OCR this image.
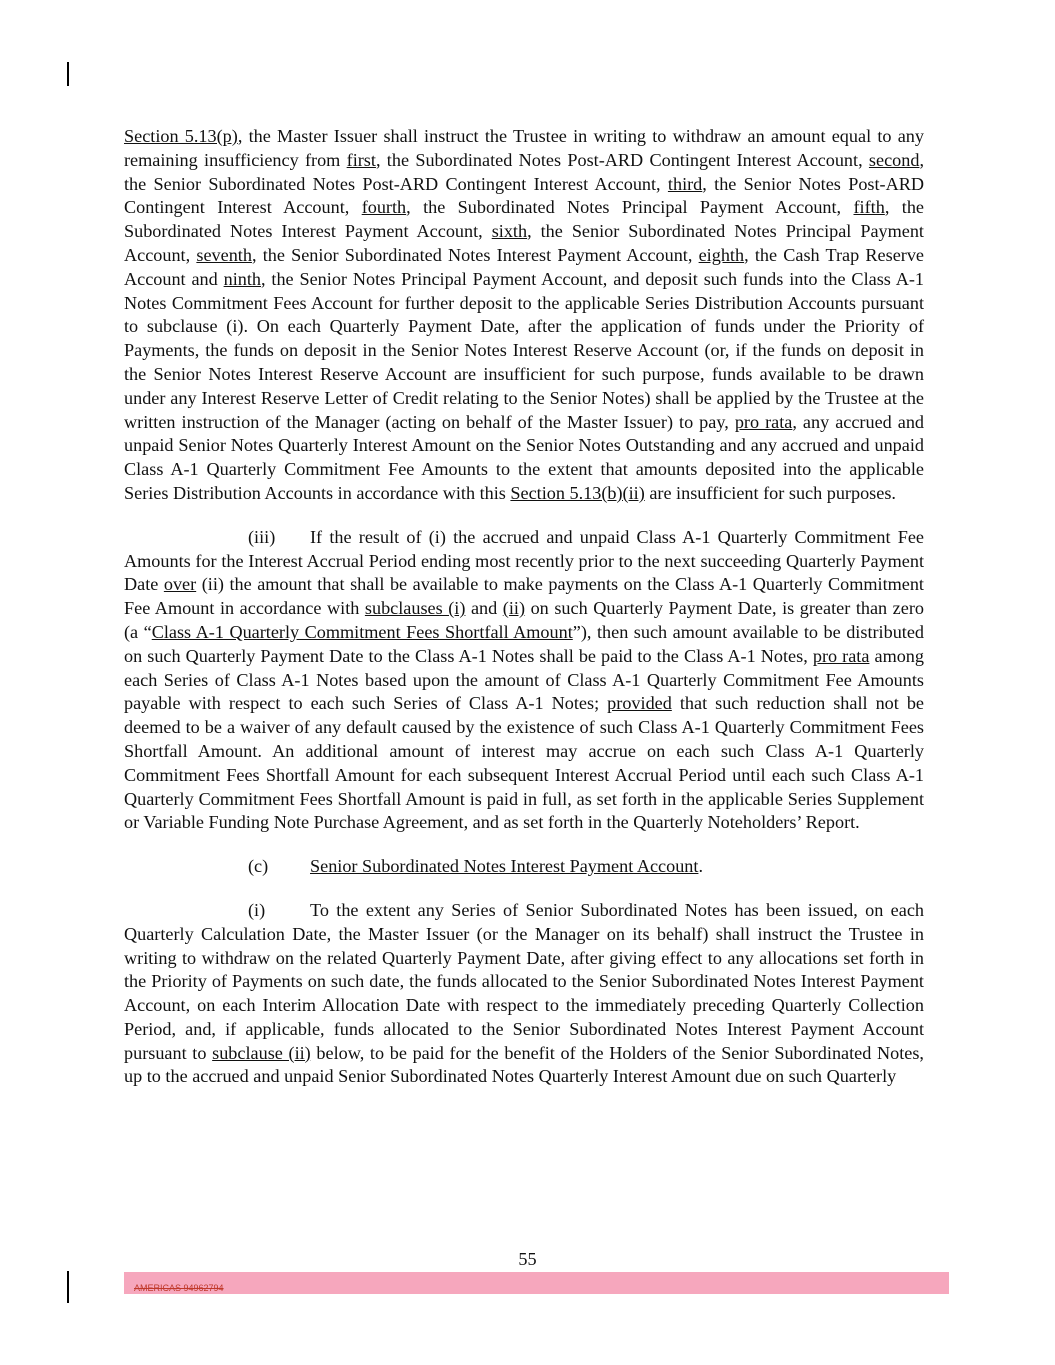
Section 5.13(p), the Master Issuer shall instruct the Trustee in writing to withdraw an amount equal to any remaining insufficiency from first, the Subordinated Notes Post-ARD Contingent Interest Account, second, the Senior Subordinated Notes Post-ARD Contingent Interest Account, third, the Senior Notes Post-ARD Contingent Interest Account, fourth, the Subordinated Notes Principal Payment Account, fifth, the Subordinated Notes Interest Payment Account, sixth, the Senior Subordinated Notes Principal Payment Account, seventh, the Senior Subordinated Notes Interest Payment Account, eighth, the Cash Trap Reserve Account and ninth, the Senior Notes Principal Payment Account, and deposit such funds into the Class A-1 Notes Commitment Fees Account for further deposit to the applicable Series Distribution Accounts pursuant to subclause (i). On each Quarterly Payment Date, after the application of funds under the Priority of Payments, the funds on deposit in the Senior Notes Interest Reserve Account (or, if the funds on deposit in the Senior Notes Interest Reserve Account are insufficient for such purpose, funds available to be drawn under any Interest Reserve Letter of Credit relating to the Senior Notes) shall be applied by the Trustee at the written instruction of the Manager (acting on behalf of the Master Issuer) to pay, pro rata, any accrued and unpaid Senior Notes Quarterly Interest Amount on the Senior Notes Outstanding and any accrued and unpaid Class A-1 Quarterly Commitment Fee Amounts to the extent that amounts deposited into the applicable Series Distribution Accounts in accordance with this Section 5.13(b)(ii) are insufficient for such purposes.

(iii) If the result of (i) the accrued and unpaid Class A-1 Quarterly Commitment Fee Amounts for the Interest Accrual Period ending most recently prior to the next succeeding Quarterly Payment Date over (ii) the amount that shall be available to make payments on the Class A-1 Quarterly Commitment Fee Amount in accordance with subclauses (i) and (ii) on such Quarterly Payment Date, is greater than zero (a “Class A-1 Quarterly Commitment Fees Shortfall Amount”), then such amount available to be distributed on such Quarterly Payment Date to the Class A-1 Notes shall be paid to the Class A-1 Notes, pro rata among each Series of Class A-1 Notes based upon the amount of Class A-1 Quarterly Commitment Fee Amounts payable with respect to each such Series of Class A-1 Notes; provided that such reduction shall not be deemed to be a waiver of any default caused by the existence of such Class A-1 Quarterly Commitment Fees Shortfall Amount. An additional amount of interest may accrue on each such Class A-1 Quarterly Commitment Fees Shortfall Amount for each subsequent Interest Accrual Period until each such Class A-1 Quarterly Commitment Fees Shortfall Amount is paid in full, as set forth in the applicable Series Supplement or Variable Funding Note Purchase Agreement, and as set forth in the Quarterly Noteholders’ Report.

(c) Senior Subordinated Notes Interest Payment Account.

(i) To the extent any Series of Senior Subordinated Notes has been issued, on each Quarterly Calculation Date, the Master Issuer (or the Manager on its behalf) shall instruct the Trustee in writing to withdraw on the related Quarterly Payment Date, after giving effect to any allocations set forth in the Priority of Payments on such date, the funds allocated to the Senior Subordinated Notes Interest Payment Account, on each Interim Allocation Date with respect to the immediately preceding Quarterly Collection Period, and, if applicable, funds allocated to the Senior Subordinated Notes Interest Payment Account pursuant to subclause (ii) below, to be paid for the benefit of the Holders of the Senior Subordinated Notes, up to the accrued and unpaid Senior Subordinated Notes Quarterly Interest Amount due on such Quarterly

55
AMERICAS 94962794
